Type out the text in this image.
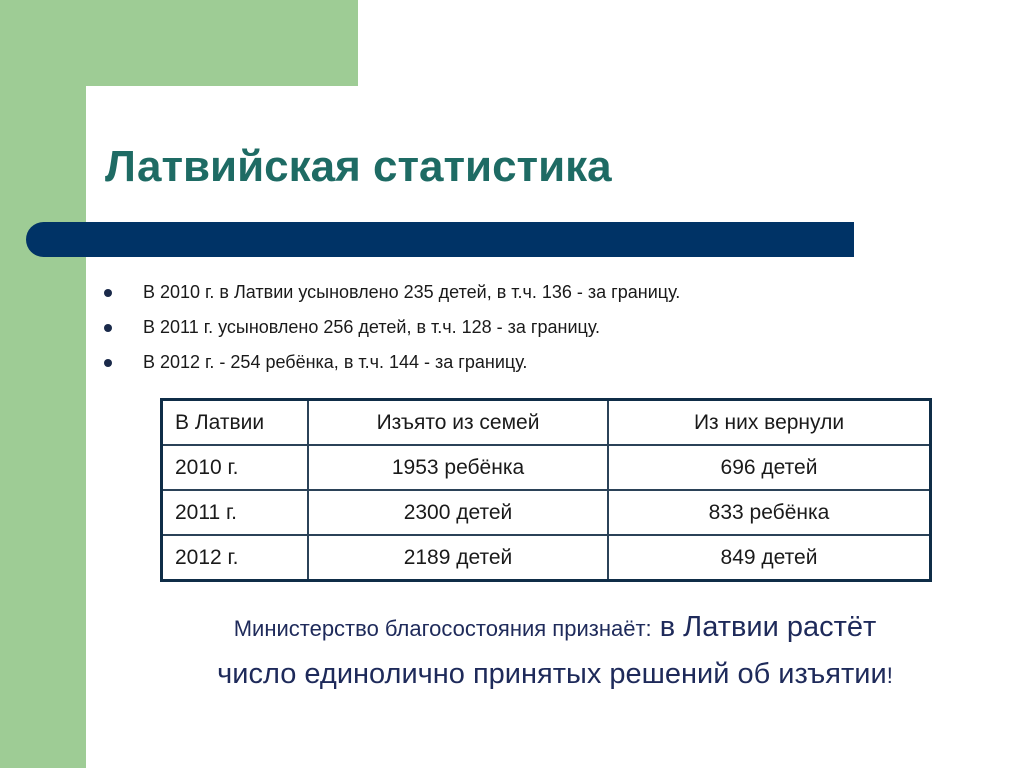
Латвийская статистика
В 2010 г. в Латвии усыновлено 235 детей, в т.ч. 136 - за границу.
В 2011 г. усыновлено 256 детей, в т.ч. 128 - за границу.
В 2012 г. - 254 ребёнка, в т.ч. 144 - за границу.
В Латвии	Изъято из семей	Из них вернули
2010 г.	1953 ребёнка	696 детей
2011 г.	2300 детей	833 ребёнка
2012 г.	2189 детей	849 детей

Министерство благосостояния признаёт: в Латвии растёт
число единолично принятых решений об изъятии!
